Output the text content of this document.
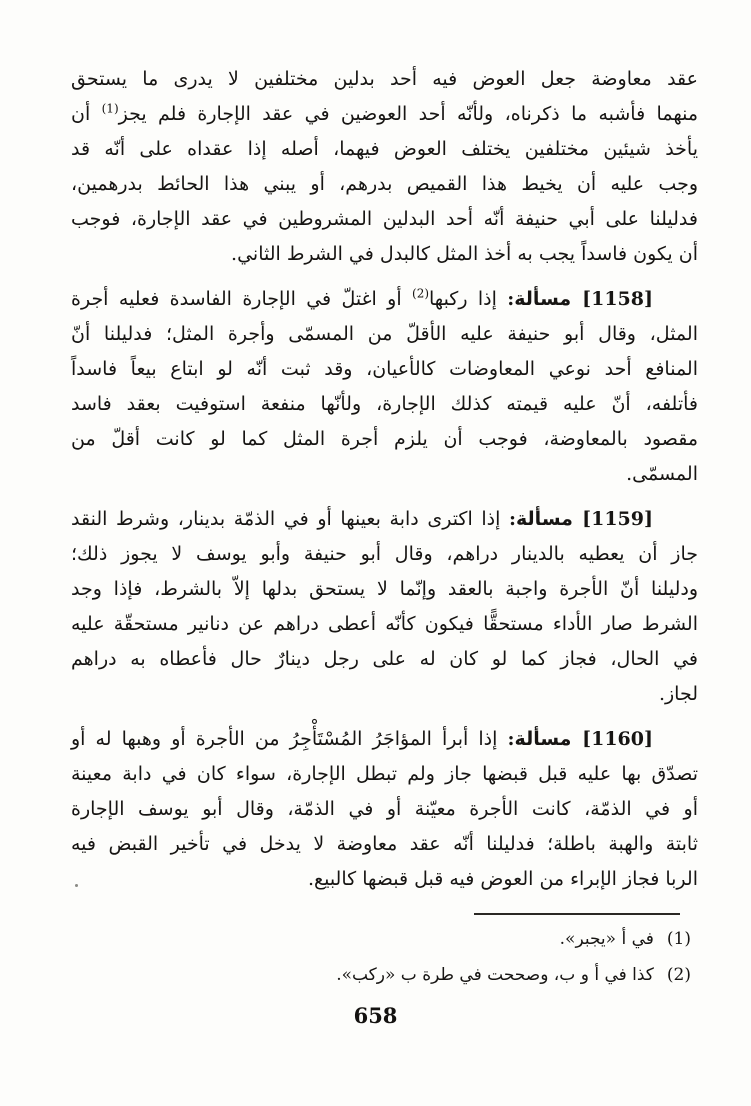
عقد معاوضة جعل العوض فيه أحد بدلين مختلفين لا يدرى ما يستحق
منهما فأشبه ما ذكرناه، ولأنّه أحد العوضين في عقد الإجارة فلم يجز$^{(1)}$ أن
يأخذ شيئين مختلفين يختلف العوض فيهما، أصله إذا عقداه على أنّه قد
وجب عليه أن يخيط هذا القميص بدرهم، أو يبني هذا الحائط بدرهمين،
فدليلنا على أبي حنيفة أنّه أحد البدلين المشروطين في عقد الإجارة، فوجب
أن يكون فاسداً يجب به أخذ المثل كالبدل في الشرط الثاني.
[1158] مسألة: إذا ركبها$^{(2)}$ أو اغتلّ في الإجارة الفاسدة فعليه أجرة
المثل، وقال أبو حنيفة عليه الأقلّ من المسمّى وأجرة المثل؛ فدليلنا أنّ
المنافع أحد نوعي المعاوضات كالأعيان، وقد ثبت أنّه لو ابتاع بيعاً فاسداً
فأتلفه، أنّ عليه قيمته كذلك الإجارة، ولأنّها منفعة استوفيت بعقد فاسد
مقصود بالمعاوضة، فوجب أن يلزم أجرة المثل كما لو كانت أقلّ من
المسمّى.
[1159] مسألة: إذا اكترى دابة بعينها أو في الذمّة بدينار، وشرط النقد
جاز أن يعطيه بالدينار دراهم، وقال أبو حنيفة وأبو يوسف لا يجوز ذلك؛
ودليلنا أنّ الأجرة واجبة بالعقد وإنّما لا يستحق بدلها إلاّ بالشرط، فإذا وجد
الشرط صار الأداء مستحقًّا فيكون كأنّه أعطى دراهم عن دنانير مستحقّة عليه
في الحال، فجاز كما لو كان له على رجل دينارٌ حال فأعطاه به دراهم
لجاز.
[1160] مسألة: إذا أبرأ المؤاجَرُ المُسْتَأْجِرُ من الأجرة أو وهبها له أو
تصدّق بها عليه قبل قبضها جاز ولم تبطل الإجارة، سواء كان في دابة معينة
أو في الذمّة، كانت الأجرة معيّنة أو في الذمّة، وقال أبو يوسف الإجارة
ثابتة والهبة باطلة؛ فدليلنا أنّه عقد معاوضة لا يدخل في تأخير القبض فيه
الربا فجاز الإبراء من العوض فيه قبل قبضها كالبيع.
(1)في أ «يجبر».
(2)كذا في أ و ب، وصححت في طرة ب «ركب».
658
